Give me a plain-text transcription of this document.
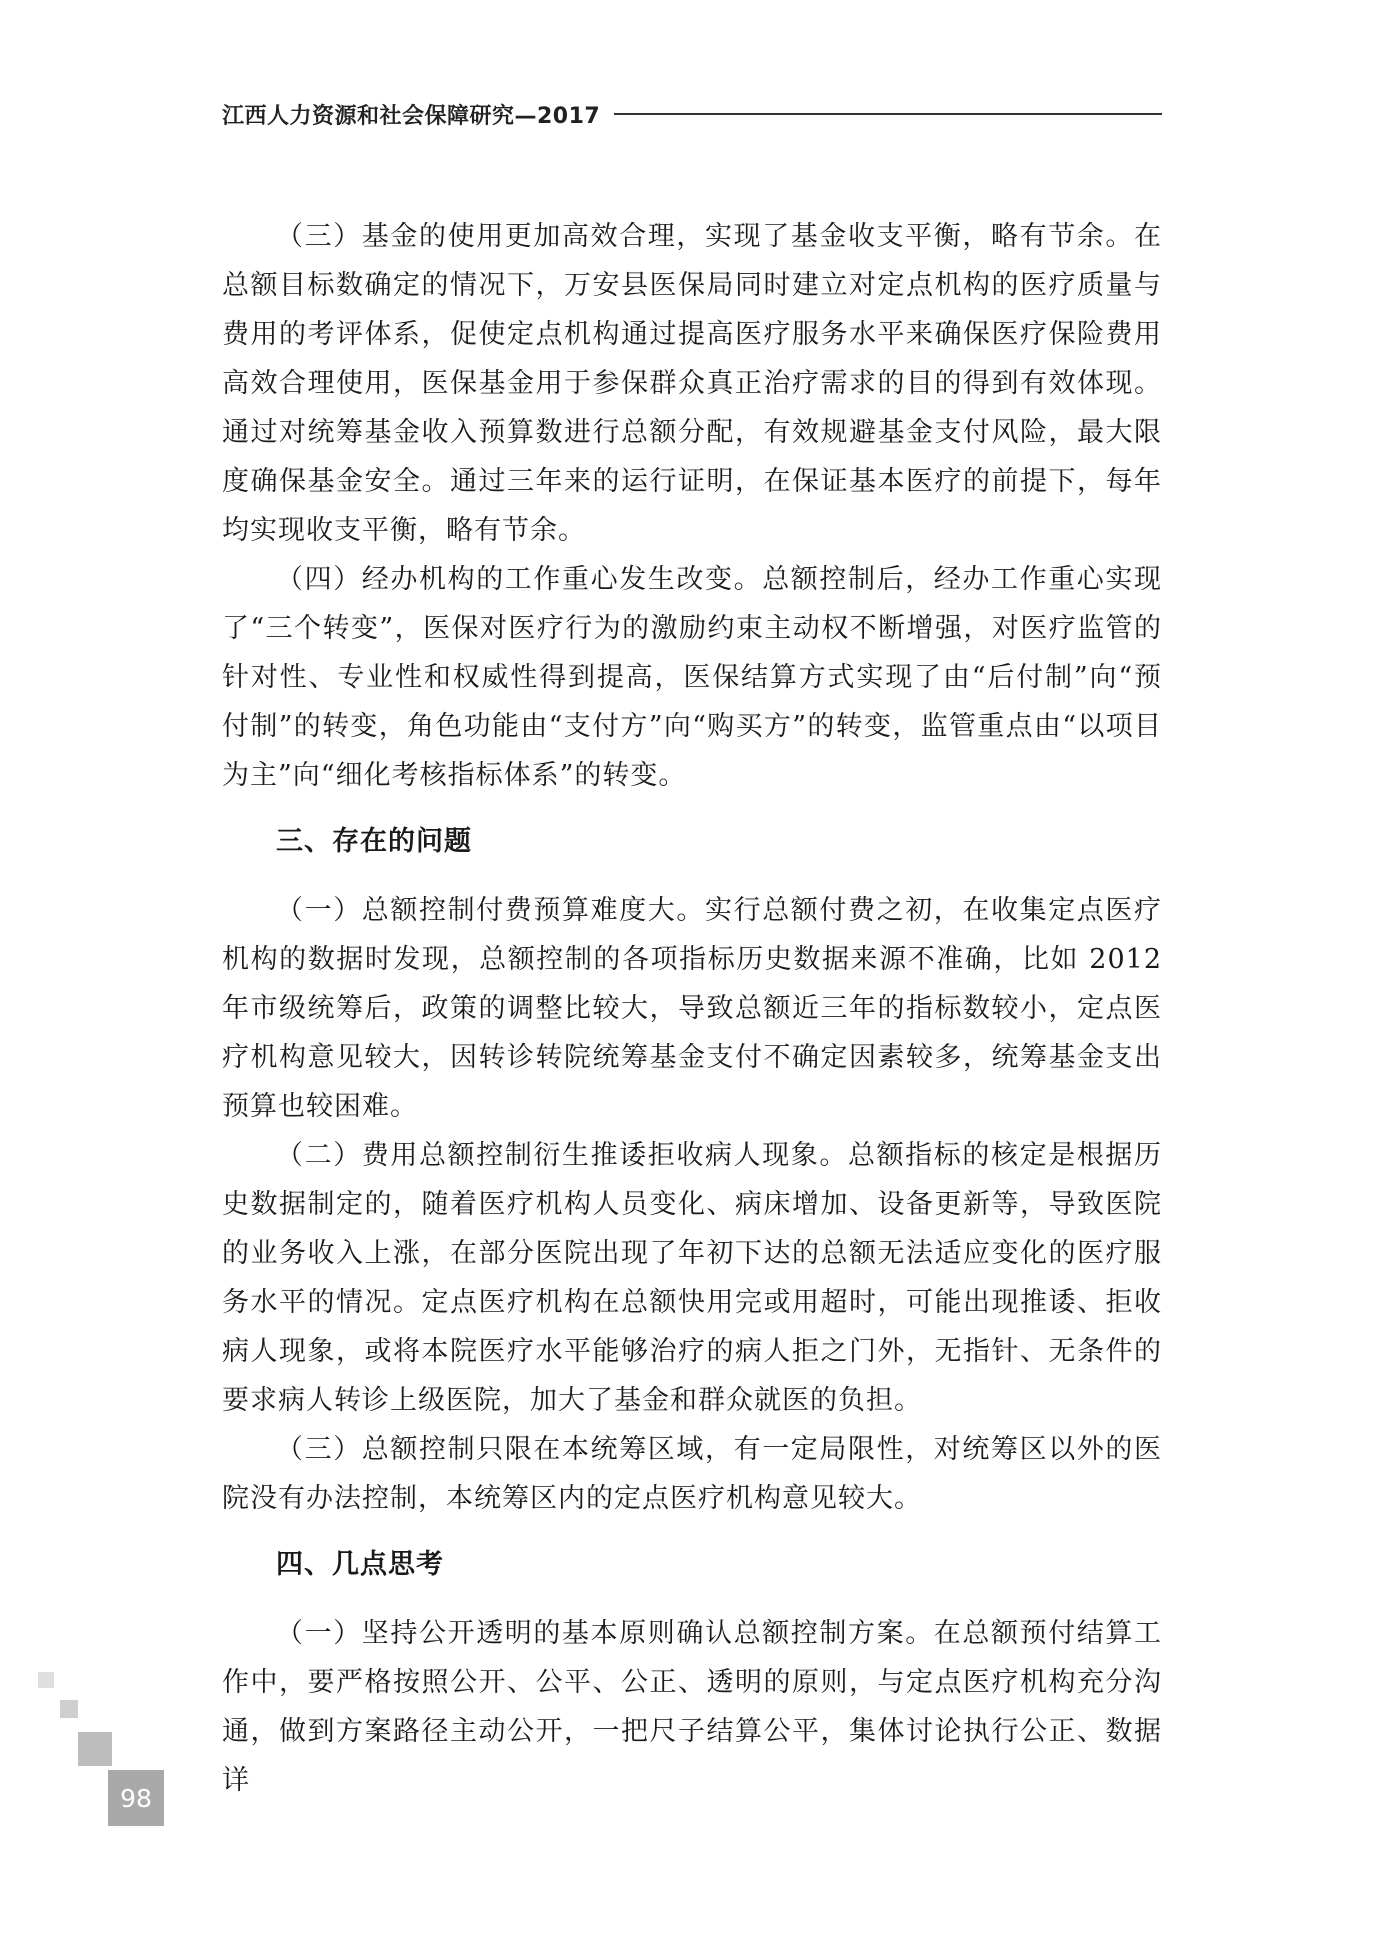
江西人力资源和社会保障研究—2017

（三）基金的使用更加高效合理，实现了基金收支平衡，略有节余。在总额目标数确定的情况下，万安县医保局同时建立对定点机构的医疗质量与费用的考评体系，促使定点机构通过提高医疗服务水平来确保医疗保险费用高效合理使用，医保基金用于参保群众真正治疗需求的目的得到有效体现。通过对统筹基金收入预算数进行总额分配，有效规避基金支付风险，最大限度确保基金安全。通过三年来的运行证明，在保证基本医疗的前提下，每年均实现收支平衡，略有节余。

（四）经办机构的工作重心发生改变。总额控制后，经办工作重心实现了“三个转变”，医保对医疗行为的激励约束主动权不断增强，对医疗监管的针对性、专业性和权威性得到提高，医保结算方式实现了由“后付制”向“预付制”的转变，角色功能由“支付方”向“购买方”的转变，监管重点由“以项目为主”向“细化考核指标体系”的转变。

三、存在的问题

（一）总额控制付费预算难度大。实行总额付费之初，在收集定点医疗机构的数据时发现，总额控制的各项指标历史数据来源不准确，比如 2012 年市级统筹后，政策的调整比较大，导致总额近三年的指标数较小，定点医疗机构意见较大，因转诊转院统筹基金支付不确定因素较多，统筹基金支出预算也较困难。

（二）费用总额控制衍生推诿拒收病人现象。总额指标的核定是根据历史数据制定的，随着医疗机构人员变化、病床增加、设备更新等，导致医院的业务收入上涨，在部分医院出现了年初下达的总额无法适应变化的医疗服务水平的情况。定点医疗机构在总额快用完或用超时，可能出现推诿、拒收病人现象，或将本院医疗水平能够治疗的病人拒之门外，无指针、无条件的要求病人转诊上级医院，加大了基金和群众就医的负担。

（三）总额控制只限在本统筹区域，有一定局限性，对统筹区以外的医院没有办法控制，本统筹区内的定点医疗机构意见较大。

四、几点思考

（一）坚持公开透明的基本原则确认总额控制方案。在总额预付结算工作中，要严格按照公开、公平、公正、透明的原则，与定点医疗机构充分沟通，做到方案路径主动公开，一把尺子结算公平，集体讨论执行公正、数据详

98
